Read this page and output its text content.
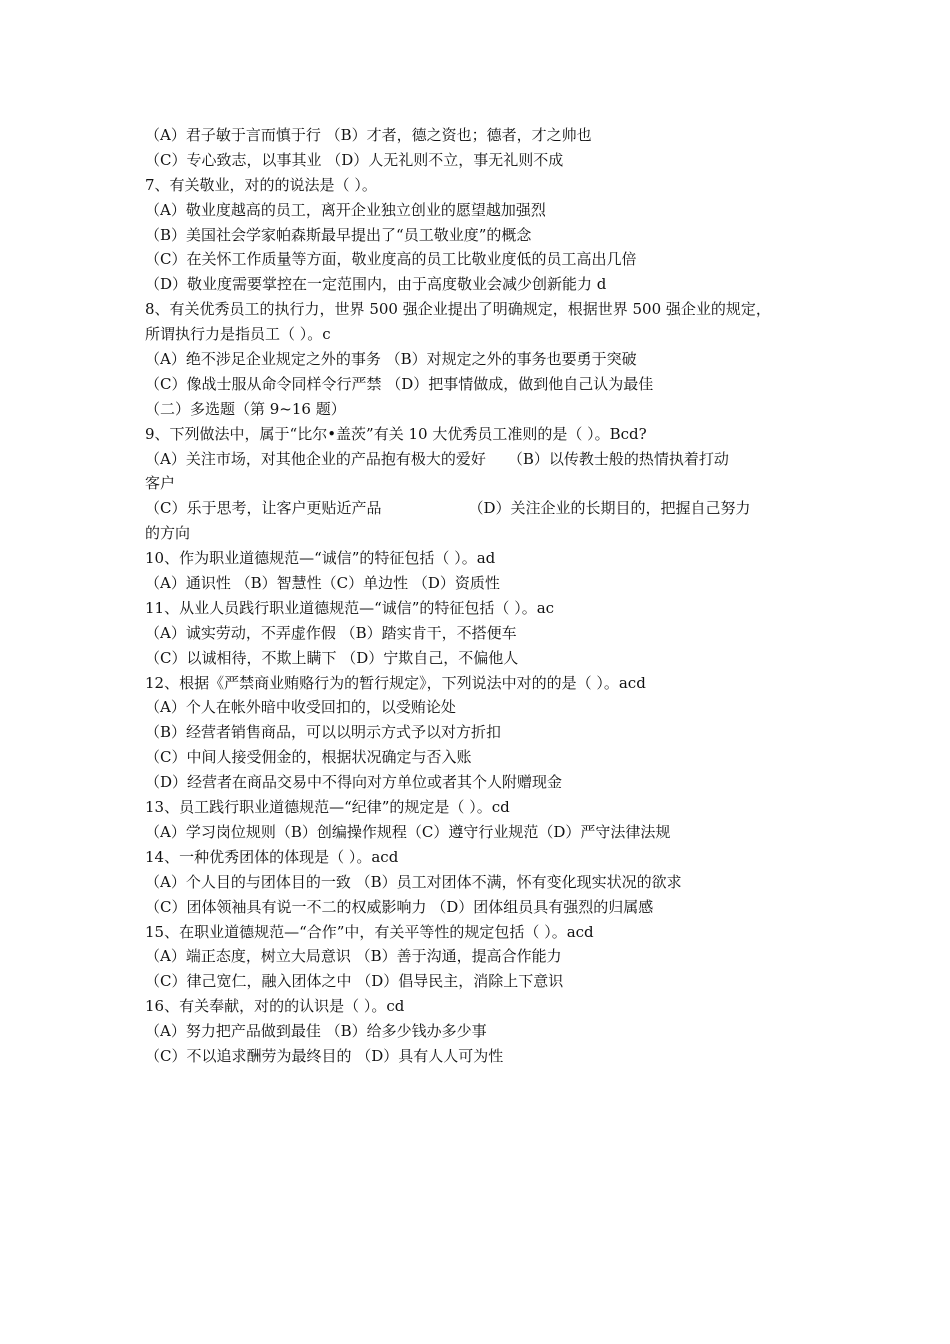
（A）君子敏于言而慎于行 （B）才者，德之资也；德者，才之帅也
（C）专心致志，以事其业 （D）人无礼则不立，事无礼则不成
7、有关敬业，对的的说法是（ ）。
（A）敬业度越高的员工，离开企业独立创业的愿望越加强烈
（B）美国社会学家帕森斯最早提出了“员工敬业度”的概念
（C）在关怀工作质量等方面，敬业度高的员工比敬业度低的员工高出几倍
（D）敬业度需要掌控在一定范围内，由于高度敬业会减少创新能力 d
8、有关优秀员工的执行力，世界 500 强企业提出了明确规定，根据世界 500 强企业的规定，
所谓执行力是指员工（ ）。c
（A）绝不涉足企业规定之外的事务 （B）对规定之外的事务也要勇于突破
（C）像战士服从命令同样令行严禁 （D）把事情做成，做到他自己认为最佳
（二）多选题（第 9~16 题）
9、下列做法中，属于“比尔•盖茨”有关 10 大优秀员工准则的是（ ）。Bcd?
（A）关注市场，对其他企业的产品抱有极大的爱好 （B）以传教士般的热情执着打动
客户
（C）乐于思考，让客户更贴近产品	（D）关注企业的长期目的，把握自己努力
的方向
10、作为职业道德规范—“诚信”的特征包括（ ）。ad
（A）通识性 （B）智慧性（C）单边性 （D）资质性
11、从业人员践行职业道德规范—“诚信”的特征包括（ ）。ac
（A）诚实劳动，不弄虚作假 （B）踏实肯干，不搭便车
（C）以诚相待，不欺上瞒下 （D）宁欺自己，不偏他人
12、根据《严禁商业贿赂行为的暂行规定》，下列说法中对的的是（ ）。acd
（A）个人在帐外暗中收受回扣的，以受贿论处
（B）经营者销售商品，可以以明示方式予以对方折扣
（C）中间人接受佣金的，根据状况确定与否入账
（D）经营者在商品交易中不得向对方单位或者其个人附赠现金
13、员工践行职业道德规范—“纪律”的规定是（ ）。cd
（A）学习岗位规则（B）创编操作规程（C）遵守行业规范（D）严守法律法规
14、一种优秀团体的体现是（ ）。acd
（A）个人目的与团体目的一致 （B）员工对团体不满，怀有变化现实状况的欲求
（C）团体领袖具有说一不二的权威影响力 （D）团体组员具有强烈的归属感
15、在职业道德规范—“合作”中，有关平等性的规定包括（ ）。acd
（A）端正态度，树立大局意识 （B）善于沟通，提高合作能力
（C）律己宽仁，融入团体之中 （D）倡导民主，消除上下意识
16、有关奉献，对的的认识是（ ）。cd
（A）努力把产品做到最佳 （B）给多少钱办多少事
（C）不以追求酬劳为最终目的 （D）具有人人可为性
